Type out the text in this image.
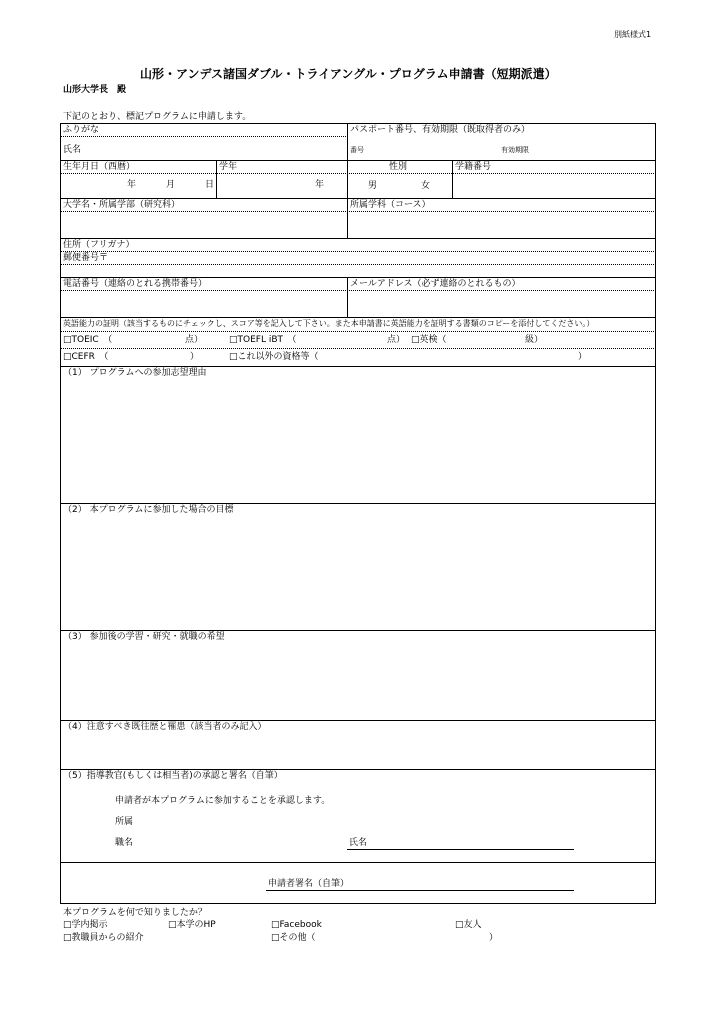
別紙様式1
山形・アンデス諸国ダブル・トライアングル・プログラム申請書（短期派遣）
山形大学長　殿
下記のとおり、標記プログラムに申請します。
ふりがな	パスポート番号、有効期限（既取得者のみ）
氏名	番号	有効期限
生年月日（西暦）	学年	性別	学籍番号
年	月	日	年	男	女
大学名・所属学部（研究科）	所属学科（コース）
住所（フリガナ）
郵便番号〒
電話番号（連絡のとれる携帯番号）	メールアドレス（必ず連絡のとれるもの）
英語能力の証明（該当するものにチェックし、スコア等を記入して下さい。また本申請書に英語能力を証明する書類のコピーを添付してください。）
□TOEIC　（	点）	□TOEFL iBT　（	点） □英検（	級）
□CEFR　（	）	□これ以外の資格等（	）
（1） プログラムへの参加志望理由
（2） 本プログラムに参加した場合の目標
（3） 参加後の学習・研究・就職の希望
（4）注意すべき既往歴と罹患（該当者のみ記入）
（5）指導教官(もしくは相当者)の承認と署名（自筆）
申請者が本プログラムに参加することを承認します。
所属
職名	氏名
申請者署名（自筆）
本プログラムを何で知りましたか？
□学内掲示	□本学のHP	□Facebook	□友人
□教職員からの紹介	□その他（	）
